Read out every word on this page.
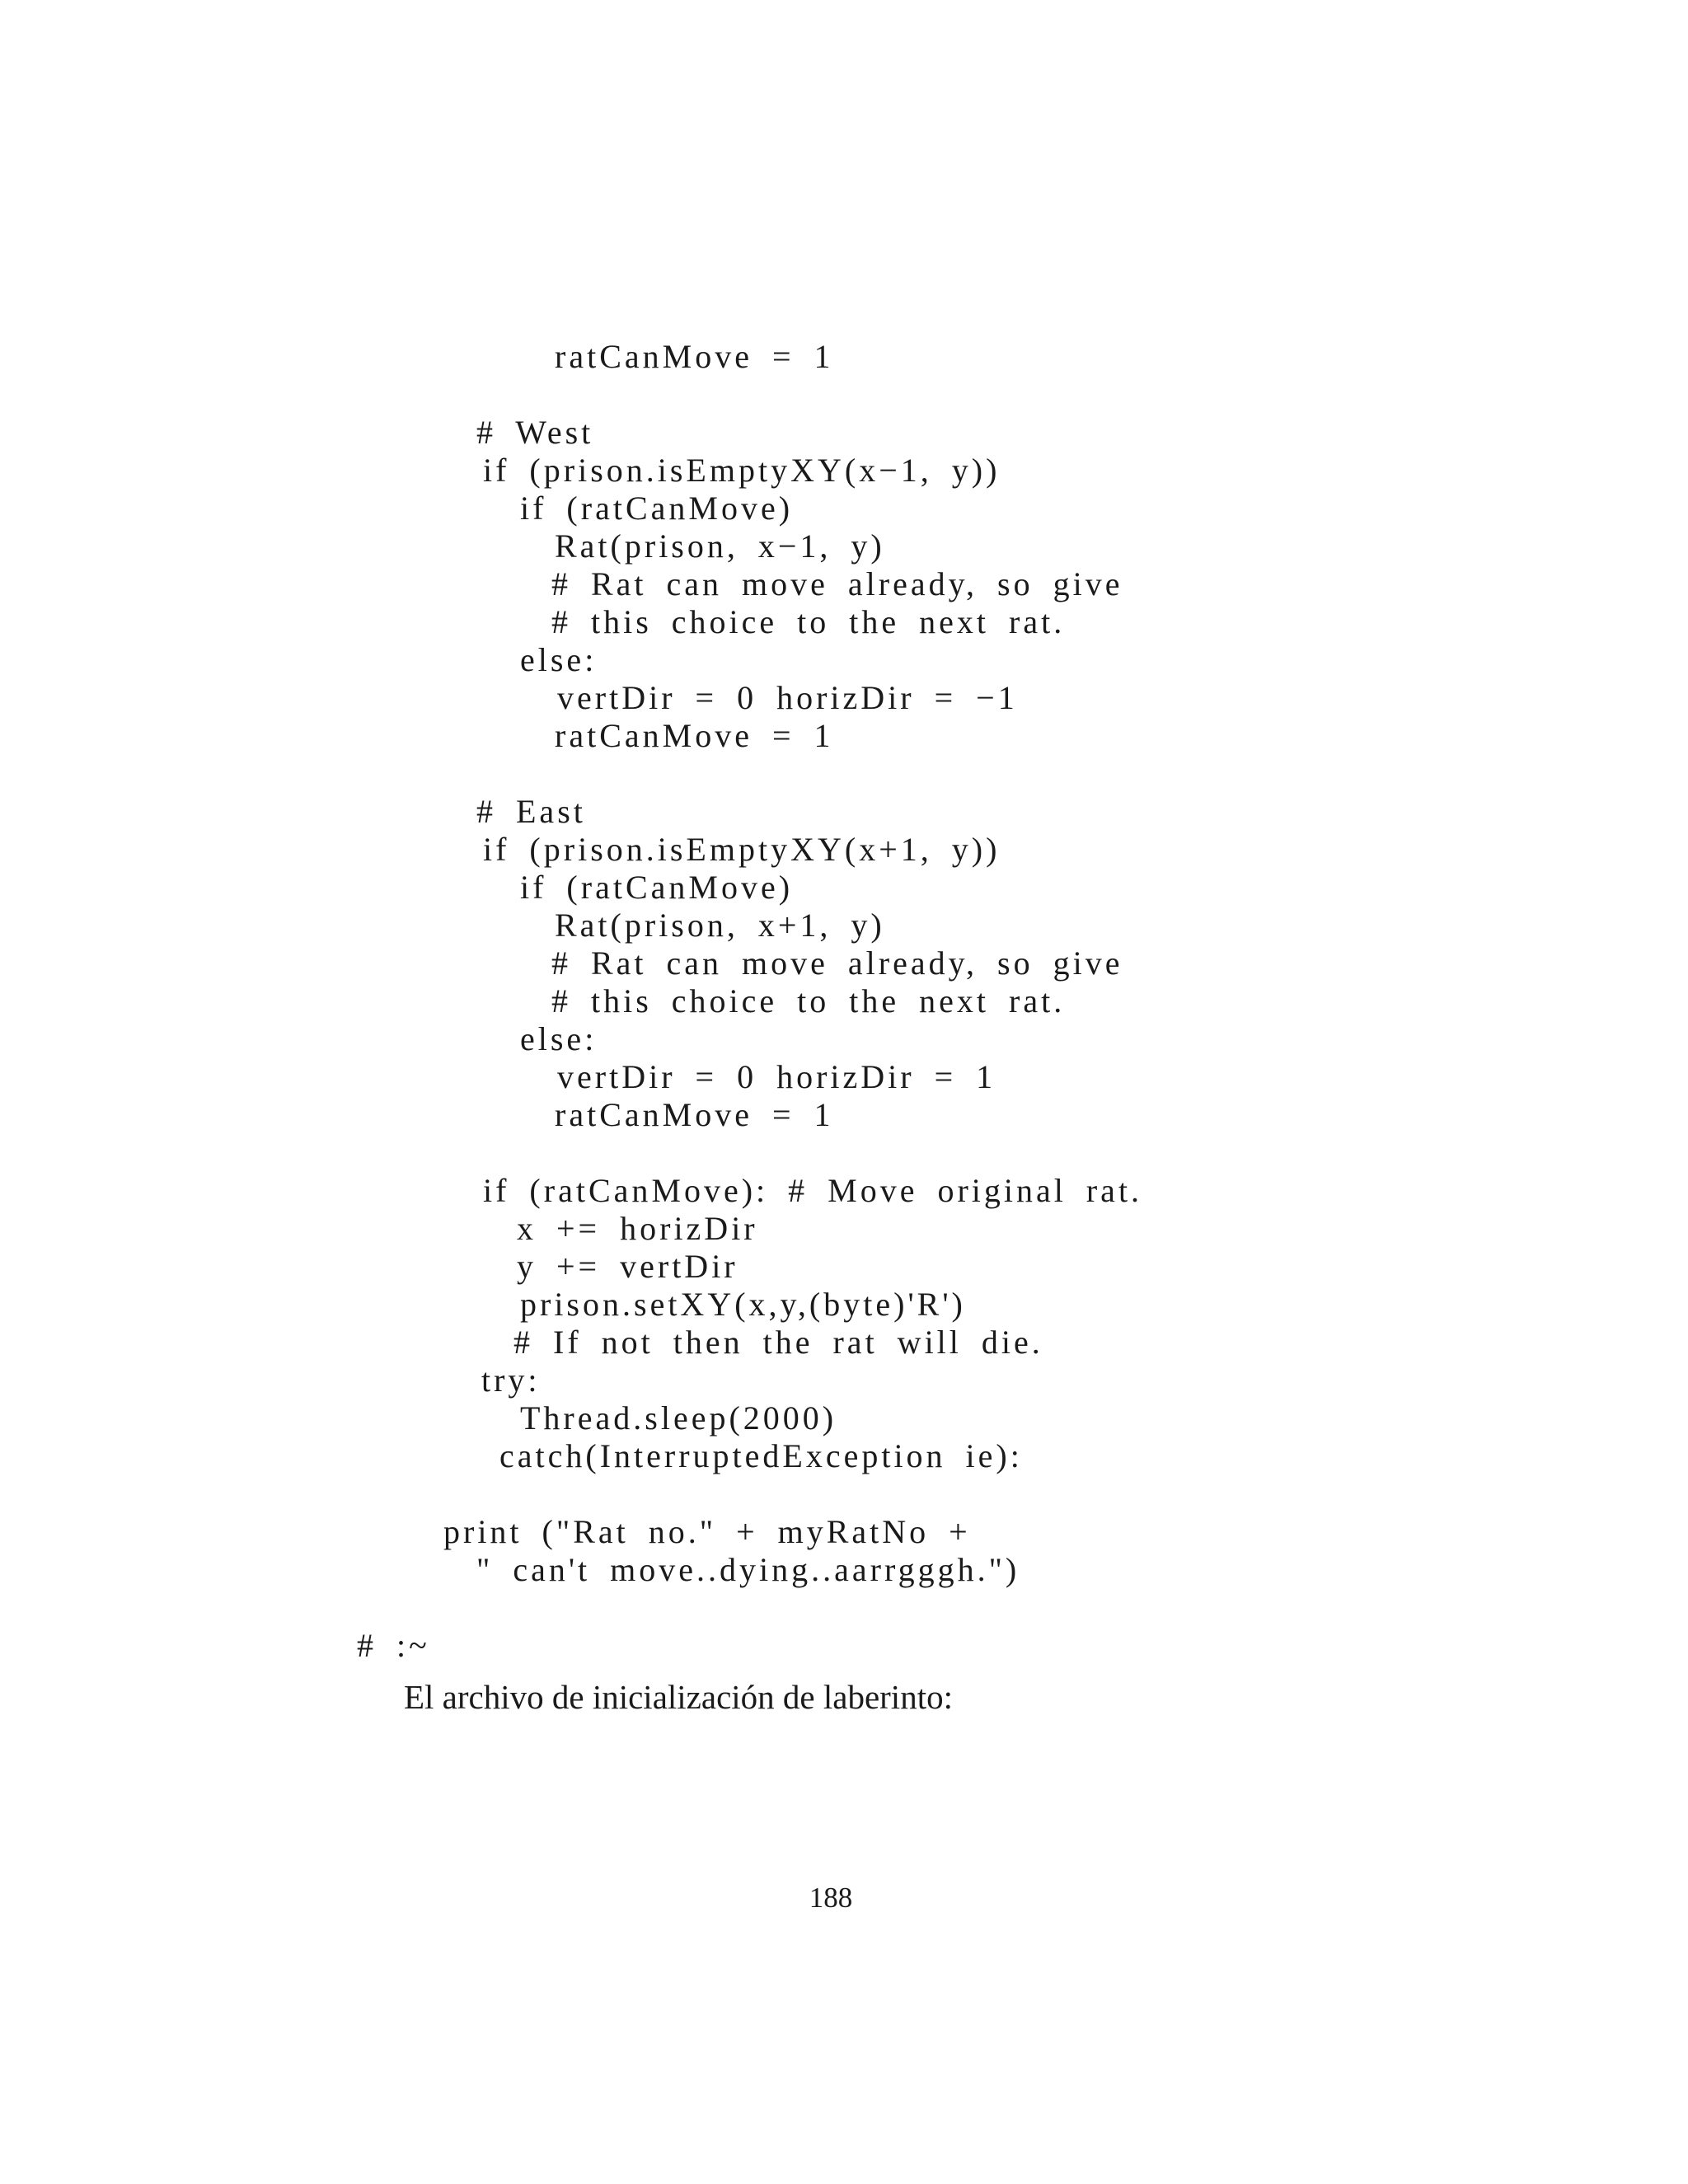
ratCanMove = 1
# West
if (prison.isEmptyXY(x−1, y))
if (ratCanMove)
Rat(prison, x−1, y)
# Rat can move already, so give
# this choice to the next rat.
else:
vertDir = 0 horizDir = −1
ratCanMove = 1
# East
if (prison.isEmptyXY(x+1, y))
if (ratCanMove)
Rat(prison, x+1, y)
# Rat can move already, so give
# this choice to the next rat.
else:
vertDir = 0 horizDir = 1
ratCanMove = 1
if (ratCanMove): # Move original rat.
x += horizDir
y += vertDir
prison.setXY(x,y,(byte)'R')
# If not then the rat will die.
try:
Thread.sleep(2000)
catch(InterruptedException ie):
print ("Rat no." + myRatNo +
" can't move..dying..aarrgggh.")
# :~
El archivo de inicialización de laberinto:
188
